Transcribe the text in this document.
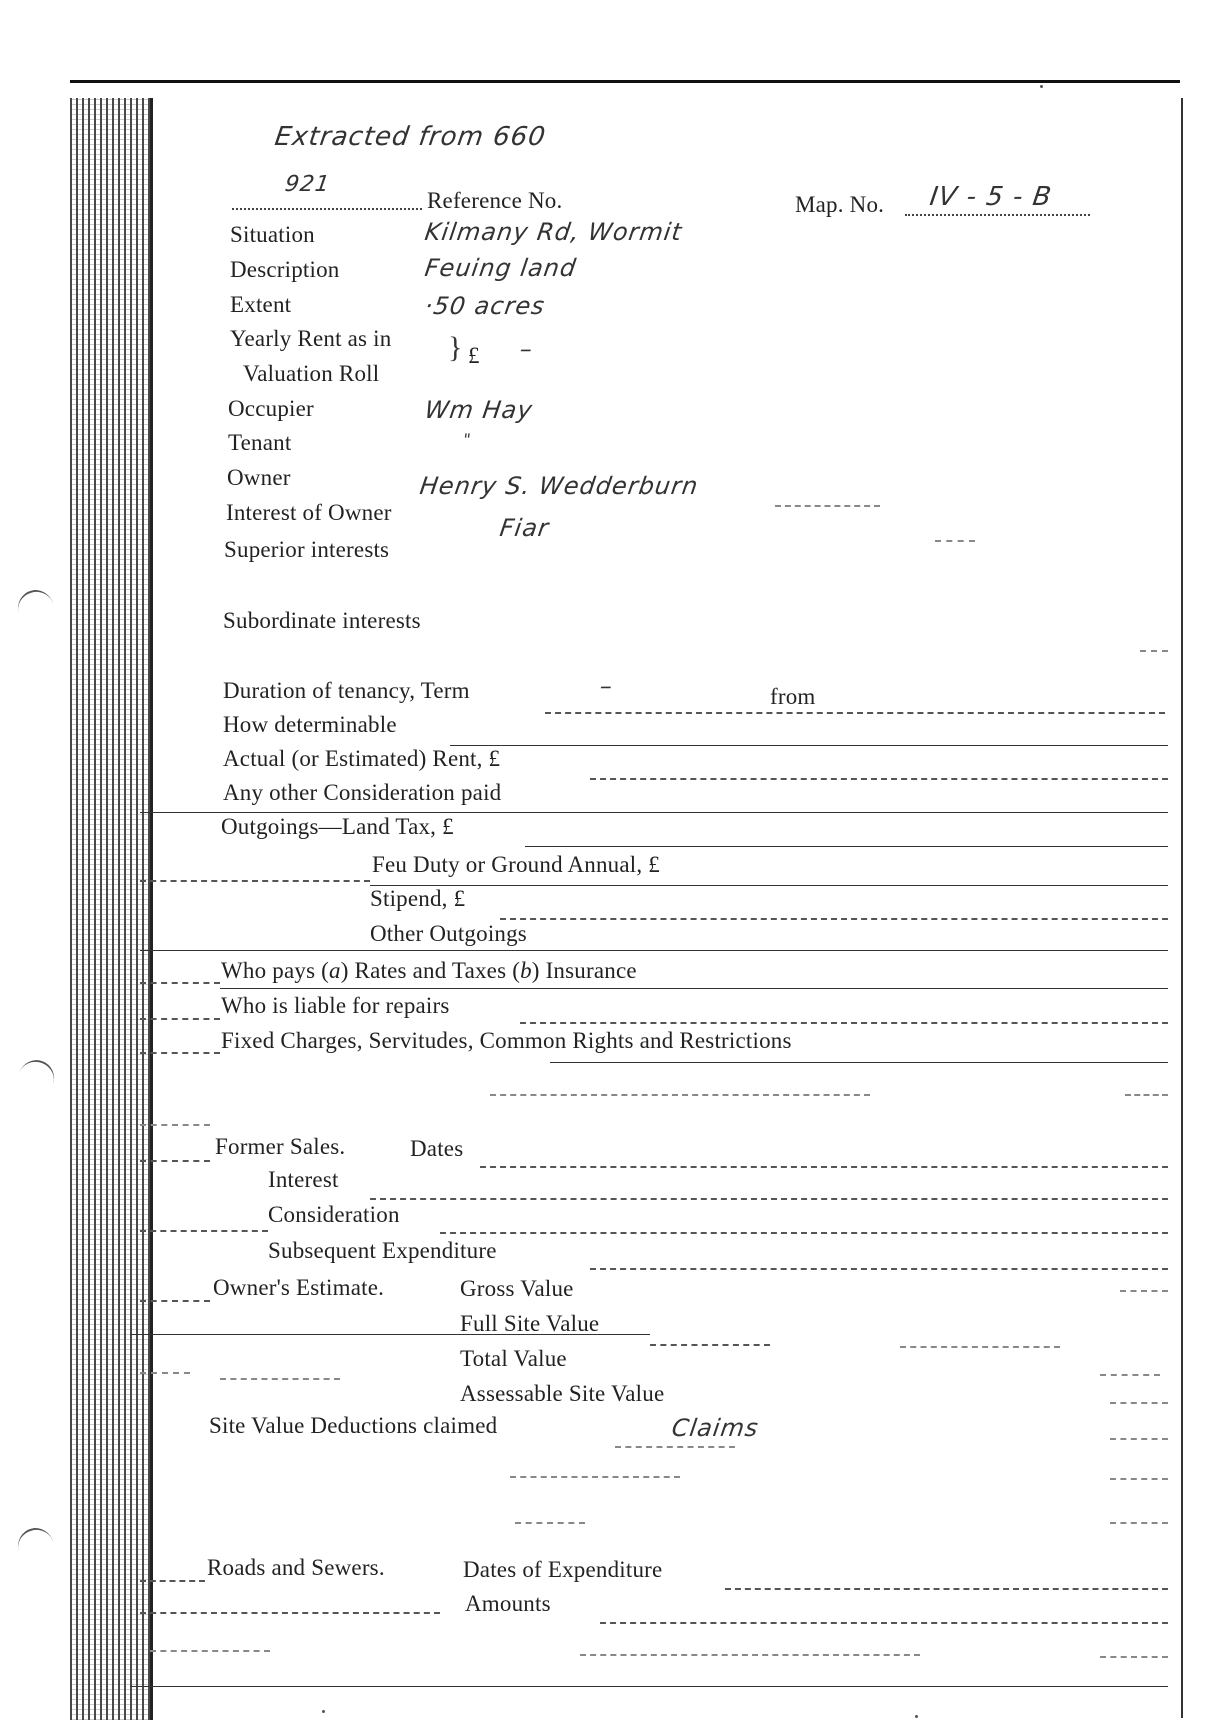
Extracted from 660
921
Reference No.	Map. No. IV - 5 - B
Situation	Kilmany Rd, Wormit
Description	Feuing land
Extent	·50 acres
Yearly Rent as in
Valuation Roll
} £ –
Occupier	Wm Hay
Tenant	"
Owner	Henry S. Wedderburn
Interest of Owner
Fiar
Superior interests
Subordinate interests
Duration of tenancy, Term	–	from
How determinable
Actual (or Estimated) Rent, £
Any other Consideration paid
Outgoings—Land Tax, £
Feu Duty or Ground Annual, £
Stipend, £
Other Outgoings
Who pays (a) Rates and Taxes (b) Insurance
Who is liable for repairs
Fixed Charges, Servitudes, Common Rights and Restrictions
Former Sales.	Dates
Interest
Consideration
Subsequent Expenditure
Owner's Estimate.	Gross Value
Full Site Value
Total Value
Assessable Site Value
Site Value Deductions claimed	Claims
Roads and Sewers.	Dates of Expenditure
Amounts
